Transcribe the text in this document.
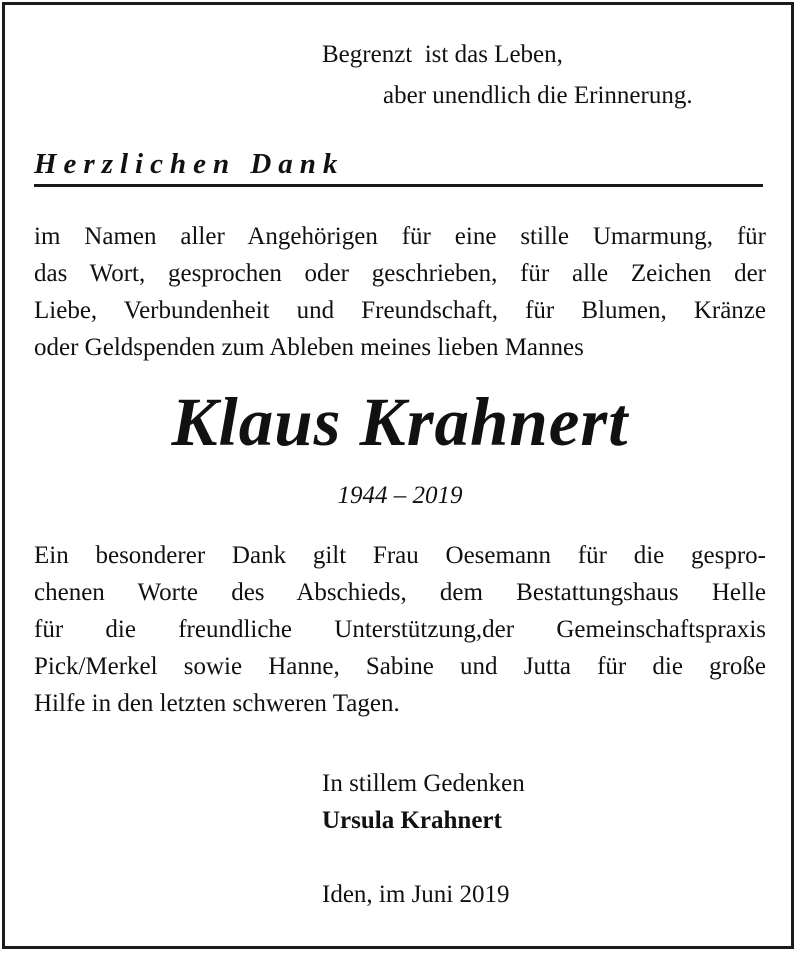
Begrenzt  ist das Leben,
aber unendlich die Erinnerung.
Herzlichen Dank
im Namen aller Angehörigen für eine stille Umarmung, für
das Wort, gesprochen oder geschrieben, für alle Zeichen der
Liebe, Verbundenheit und Freundschaft, für Blumen, Kränze
oder Geldspenden zum Ableben meines lieben Mannes
Klaus Krahnert
1944 – 2019
Ein besonderer Dank gilt Frau Oesemann für die gespro-
chenen Worte des Abschieds, dem Bestattungshaus Helle
für die freundliche Unterstützung,der Gemeinschaftspraxis
Pick/Merkel sowie Hanne, Sabine und Jutta für die große
Hilfe in den letzten schweren Tagen.
In stillem Gedenken
Ursula Krahnert
Iden, im Juni 2019
